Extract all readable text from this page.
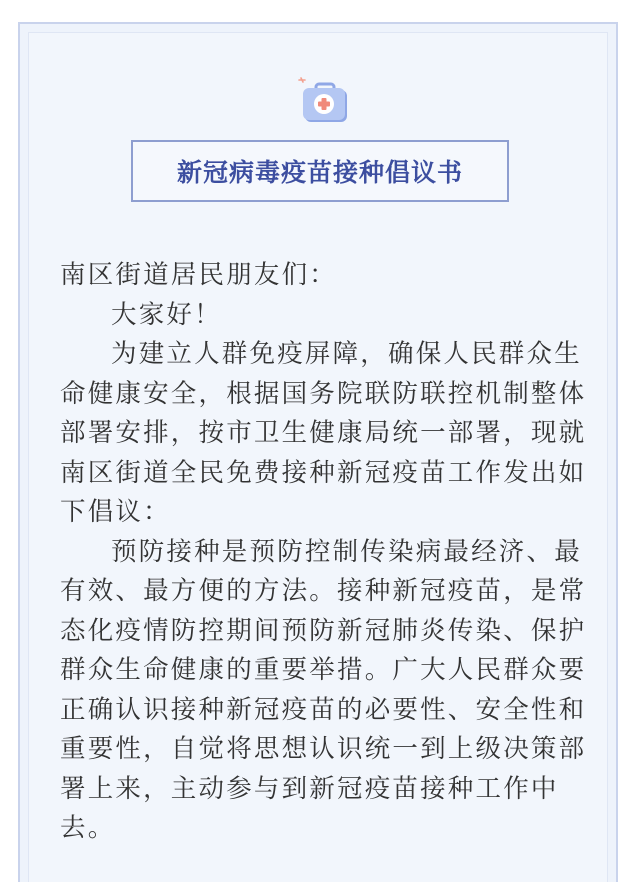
新冠病毒疫苗接种倡议书

南区街道居民朋友们：

大家好！

为建立人群免疫屏障，确保人民群众生命健康安全，根据国务院联防联控机制整体部署安排，按市卫生健康局统一部署，现就南区街道全民免费接种新冠疫苗工作发出如下倡议：

预防接种是预防控制传染病最经济、最有效、最方便的方法。接种新冠疫苗，是常态化疫情防控期间预防新冠肺炎传染、保护群众生命健康的重要举措。广大人民群众要正确认识接种新冠疫苗的必要性、安全性和重要性，自觉将思想认识统一到上级决策部署上来，主动参与到新冠疫苗接种工作中去。
